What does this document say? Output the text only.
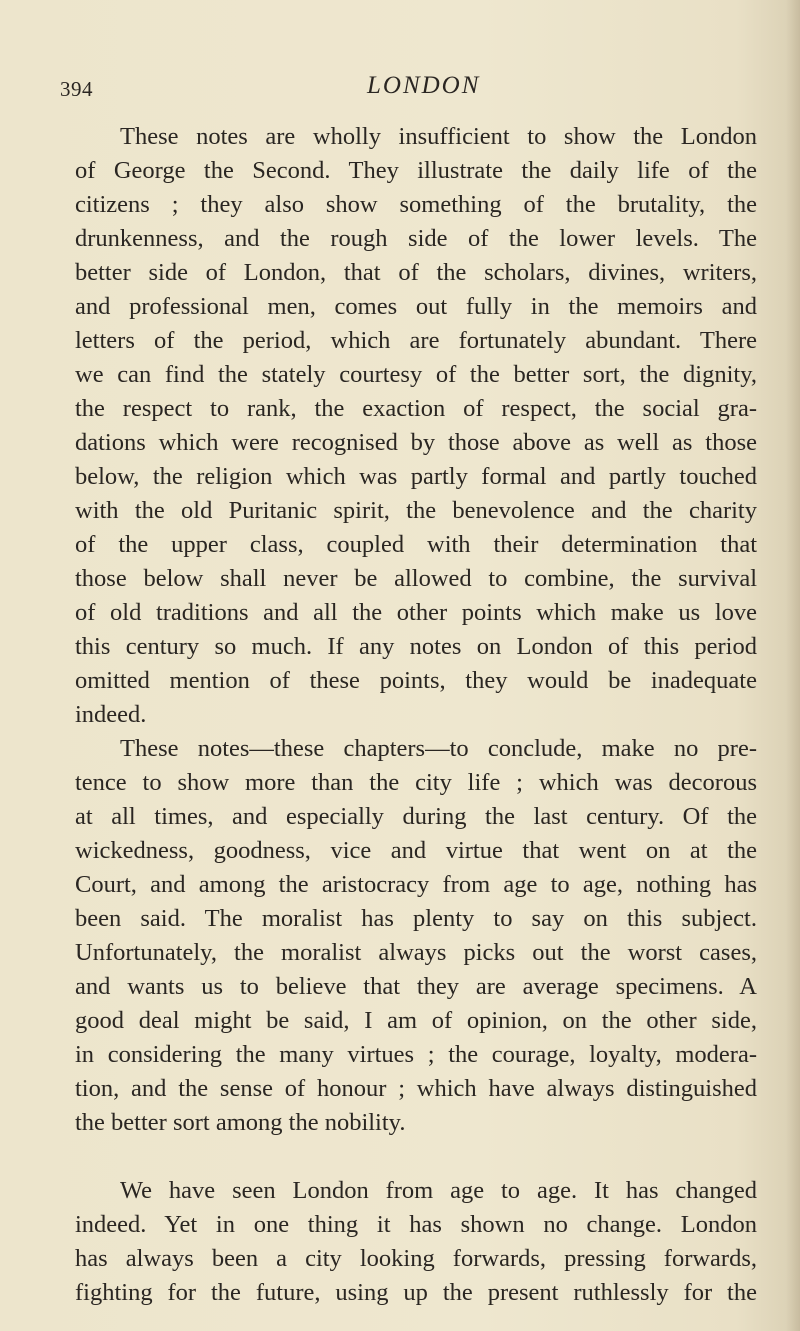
394	LONDON
These notes are wholly insufficient to show the London
of George the Second. They illustrate the daily life of the
citizens ; they also show something of the brutality, the
drunkenness, and the rough side of the lower levels. The
better side of London, that of the scholars, divines, writers,
and professional men, comes out fully in the memoirs and
letters of the period, which are fortunately abundant. There
we can find the stately courtesy of the better sort, the dignity,
the respect to rank, the exaction of respect, the social gra-
dations which were recognised by those above as well as those
below, the religion which was partly formal and partly touched
with the old Puritanic spirit, the benevolence and the charity
of the upper class, coupled with their determination that
those below shall never be allowed to combine, the survival
of old traditions and all the other points which make us love
this century so much. If any notes on London of this period
omitted mention of these points, they would be inadequate
indeed.
These notes—these chapters—to conclude, make no pre-
tence to show more than the city life ; which was decorous
at all times, and especially during the last century. Of the
wickedness, goodness, vice and virtue that went on at the
Court, and among the aristocracy from age to age, nothing has
been said. The moralist has plenty to say on this subject.
Unfortunately, the moralist always picks out the worst cases,
and wants us to believe that they are average specimens. A
good deal might be said, I am of opinion, on the other side,
in considering the many virtues ; the courage, loyalty, modera-
tion, and the sense of honour ; which have always distinguished
the better sort among the nobility.
We have seen London from age to age. It has changed
indeed. Yet in one thing it has shown no change. London
has always been a city looking forwards, pressing forwards,
fighting for the future, using up the present ruthlessly for the
